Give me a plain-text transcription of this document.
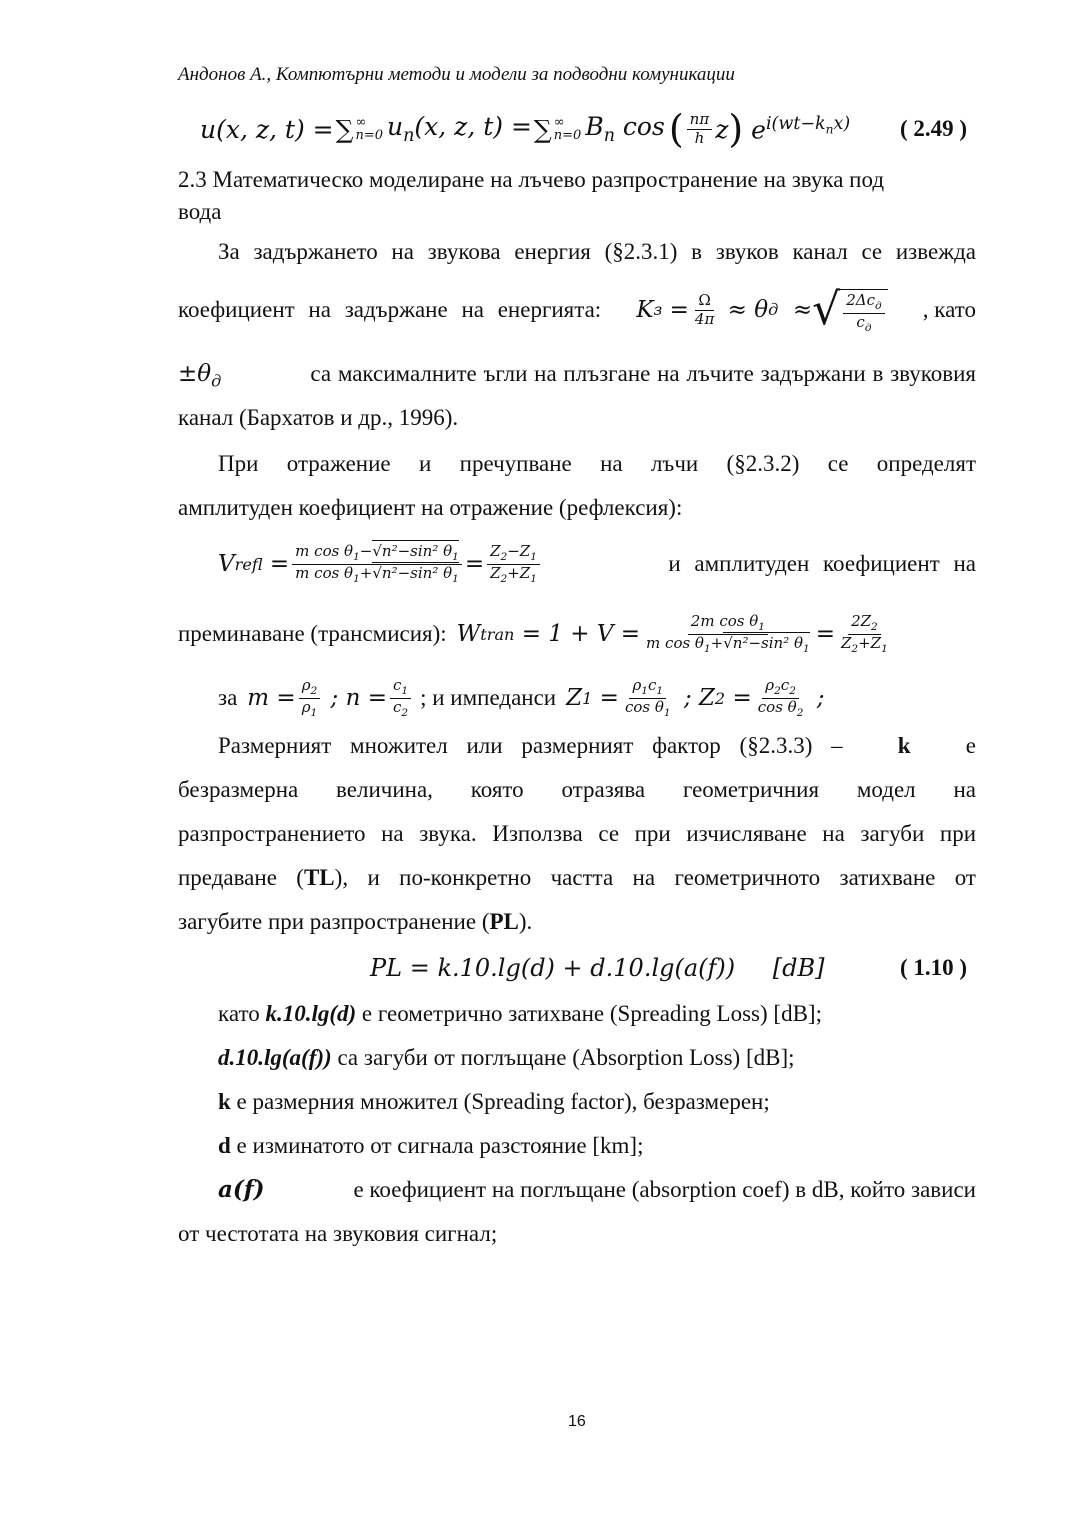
Андонов А., Компютърни методи и модели за подводни комуникации
u(x, z, t) = ∑ ∞
n=0 $u_n(x$, z, t) = ∑ ∞
n=0 $B_n$ cos ( $\frac{n\pi}{h}$ z ) $e^{i(wt-k_nx)}$ ( 2.49 )
2.3 Математическо моделиране на лъчево разпространение на звука под
вода
За задържането на звукова енергия (§2.3.1) в звуков канал се извежда
коефициент на задържане на енергията: K $з = \frac{\Omega}{4\pi} \approx \theta$ д ≈ √ $\frac{2\Delta c_д}{c_д}$ , като
$\pm\theta_д$	са максималните ъгли на плъзгане на лъчите задържани в звуковия
канал (Бархатов и др., 1996).
При отражение и пречупване на лъчи (§2.3.2) се определят
амплитуден коефициент на отражение (рефлексия):
V refl = $\frac{m \cos \theta_1-√n^2-\sin^2 \theta_1}{m \cos \theta_1+√n^2-\sin^2 \theta_1} = \frac{Z_2-Z_1}{Z_2+Z_1}$	и амплитуден коефициент на
преминаване (трансмисия): W tran = $1 + V = \frac{2m \cos \theta_1}{m \cos \theta_1+√n^2-\sin^2 \theta_1} = \frac{2Z_2}{Z_2+Z_1}$
за $m = \frac{\rho_2}{\rho_1}$ ; $n = \frac{c_1}{c_2}$ ; и импеданси Z $1 = \frac{\rho_1c_1}{\cos \theta_1}$ ; Z $2 = \frac{\rho_2c_2}{\cos \theta_2}$ ;
Размерният множител или размерният фактор (§2.3.3) – k е
безразмерна величина, която отразява геометричния модел на
разпространението на звука. Използва се при изчисляване на загуби при
предаване (TL), и по-конкретно частта на геометричното затихване от
загубите при разпространение (PL).
PL = k.10.lg(d) + d.10.lg(a(f)) [dB]	( 1.10 )
като k.10.lg(d) е геометрично затихване (Spreading Loss) [dB];
d.10.lg(a(f)) са загуби от поглъщане (Absorption Loss) [dB];
k е размерния множител (Spreading factor), безразмерен;
d е изминатото от сигнала разстояние [km];
a(f)	е коефициент на поглъщане (absorption coef) в dB, който зависи
от честотата на звуковия сигнал;
16
